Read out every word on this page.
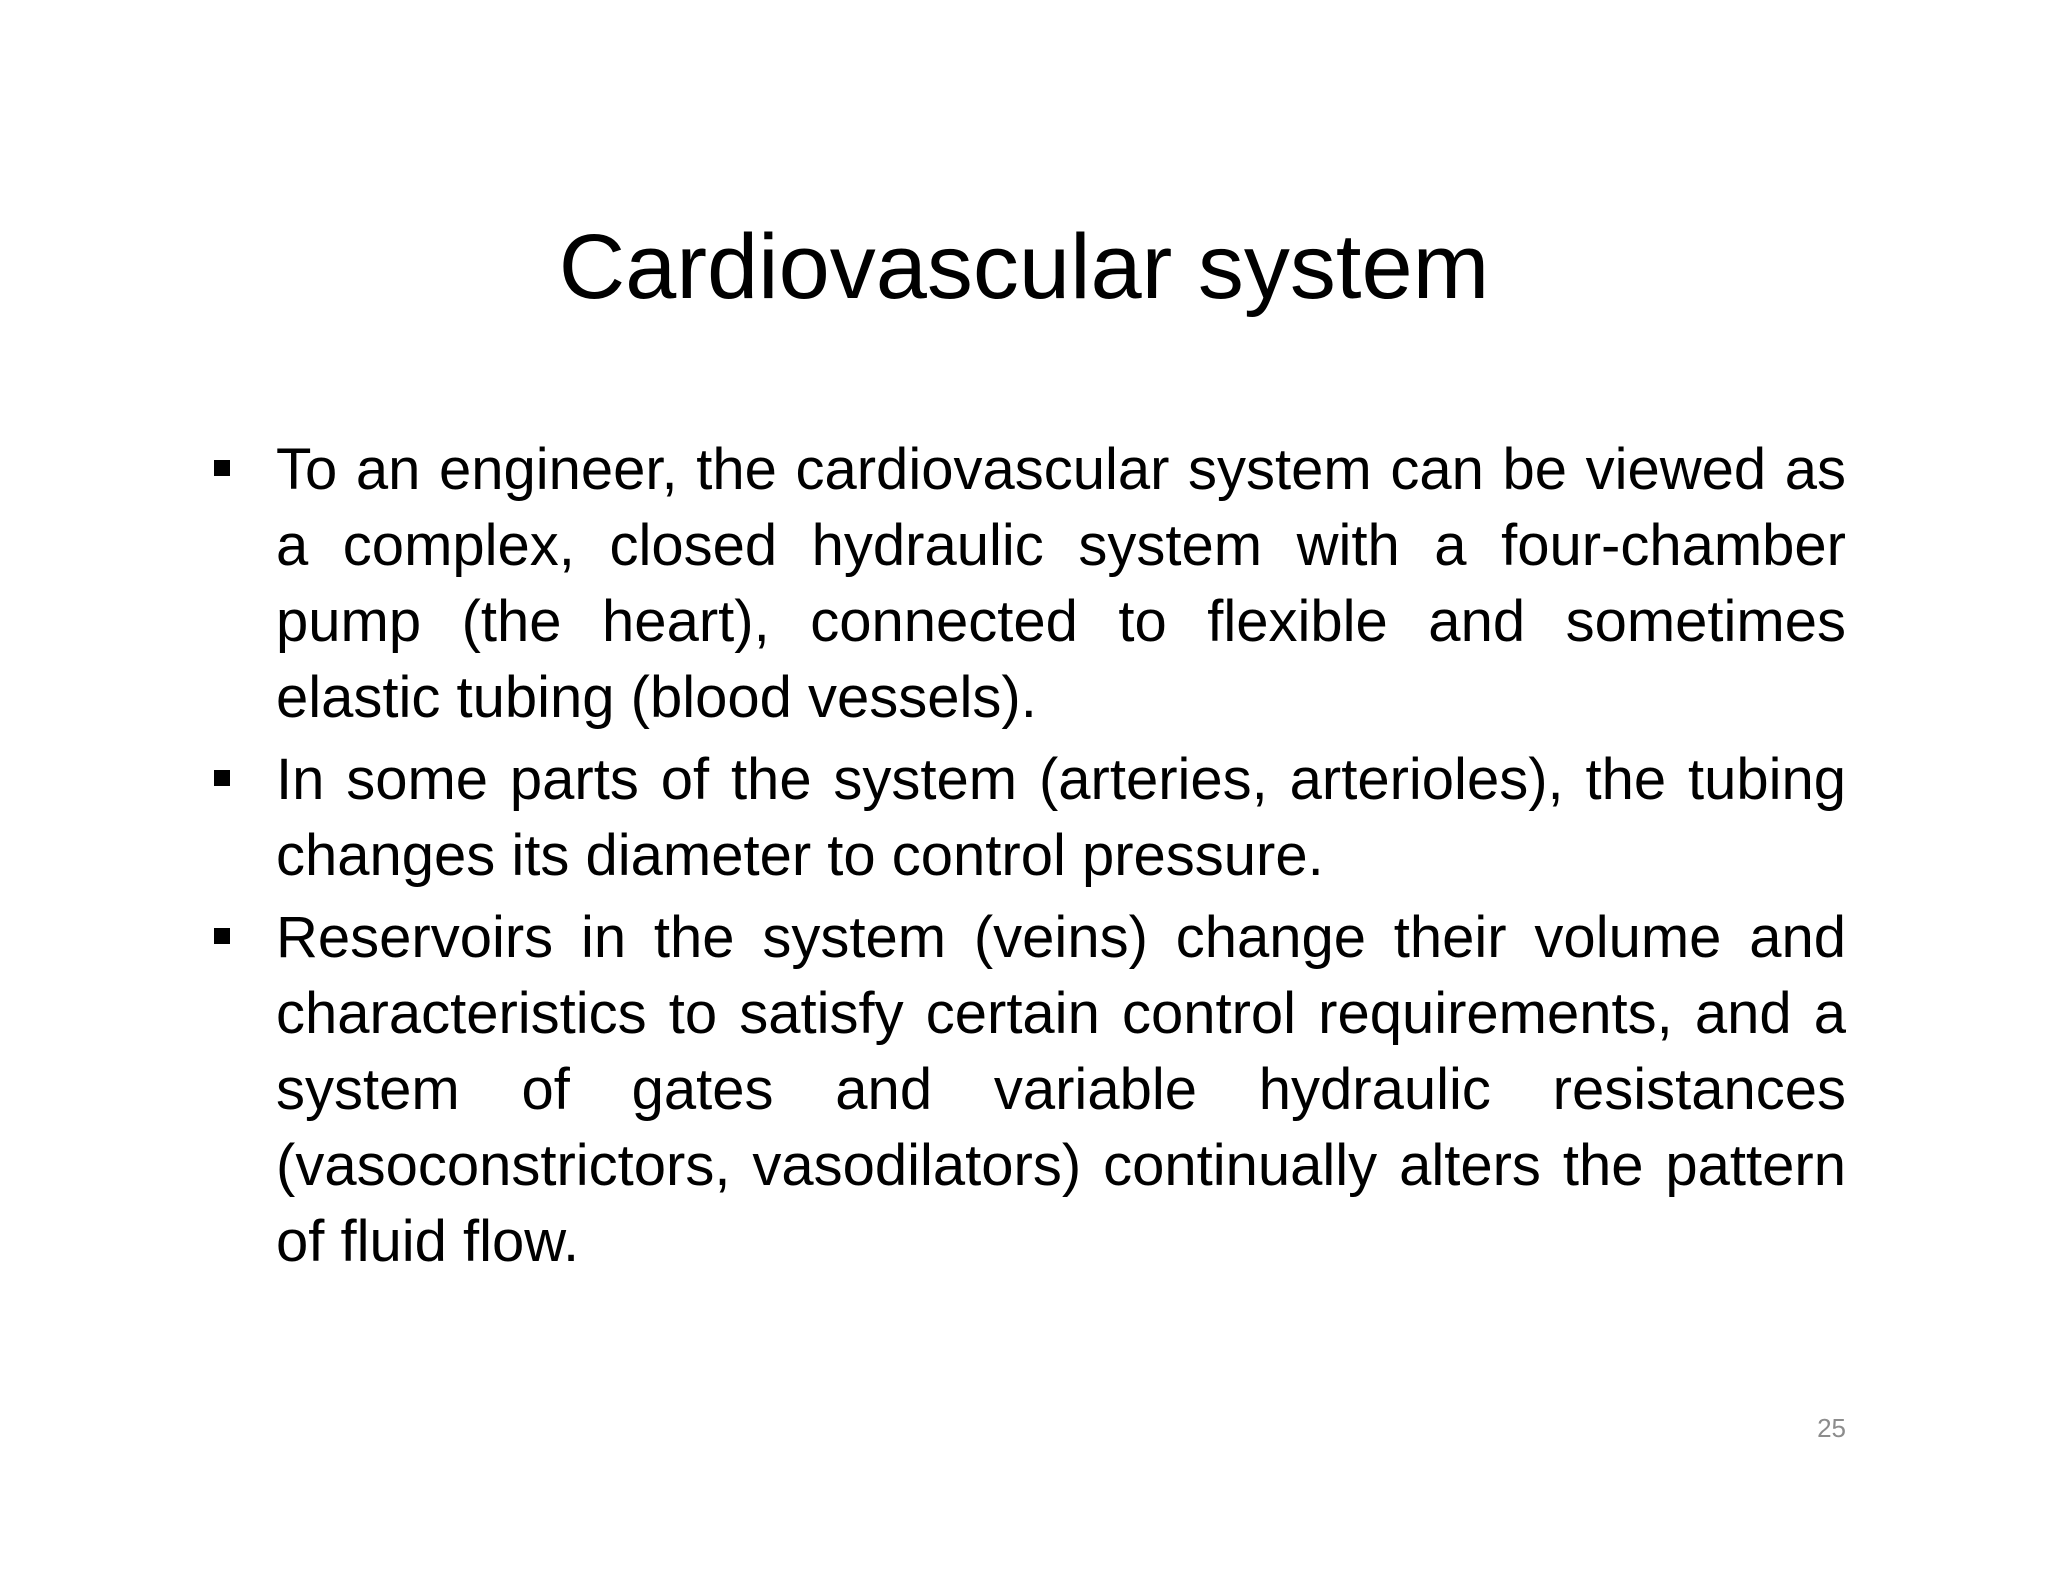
Cardiovascular system

To an engineer, the cardiovascular system can be viewed as a complex, closed hydraulic system with a four-chamber pump (the heart), connected to flexible and sometimes elastic tubing (blood vessels).

In some parts of the system (arteries, arterioles), the tubing changes its diameter to control pressure.

Reservoirs in the system (veins) change their volume and characteristics to satisfy certain control requirements, and a system of gates and variable hydraulic resistances (vasoconstrictors, vasodilators) continually alters the pattern of fluid flow.

25
